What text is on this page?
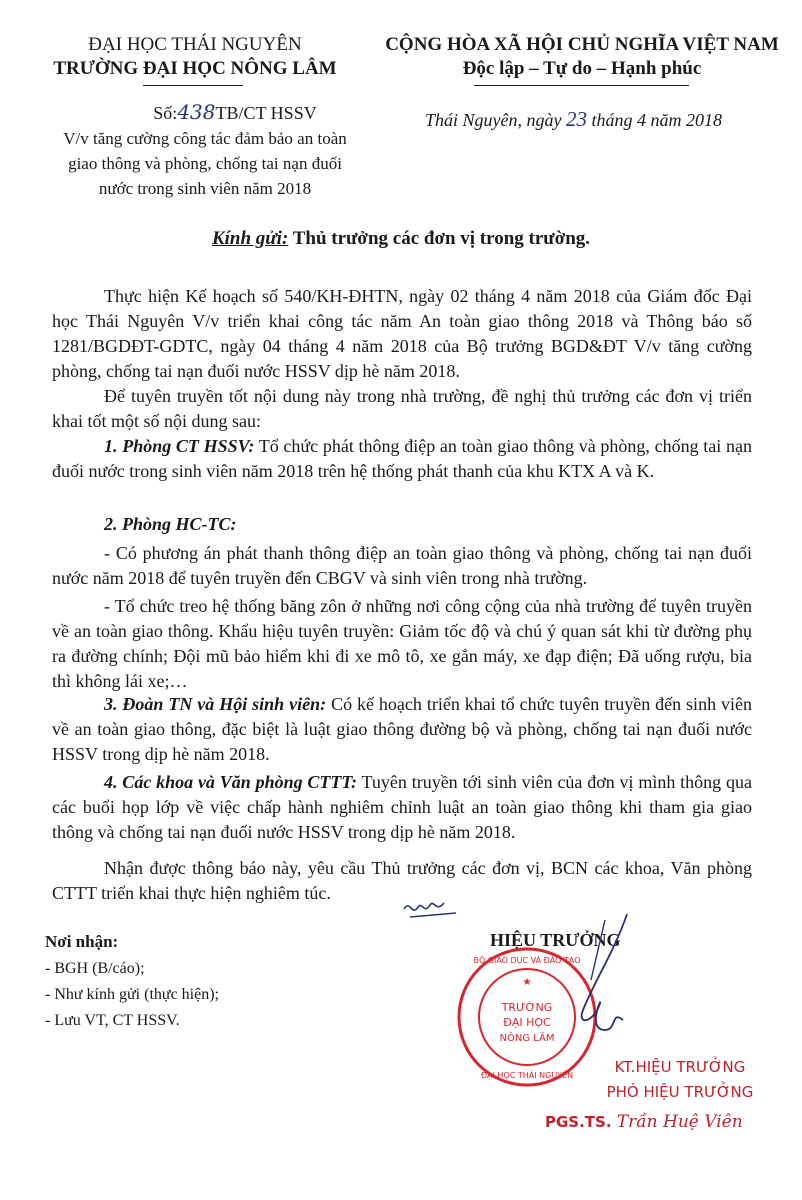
ĐẠI HỌC THÁI NGUYÊN
TRƯỜNG ĐẠI HỌC NÔNG LÂM
CỘNG HÒA XÃ HỘI CHỦ NGHĨA VIỆT NAM
Độc lập – Tự do – Hạnh phúc
Số:438TB/CT HSSV
V/v tăng cường công tác đảm bảo an toàn giao thông và phòng, chống tai nạn đuối nước trong sinh viên năm 2018
Thái Nguyên, ngày 23 tháng 4 năm 2018
Kính gửi: Thủ trưởng các đơn vị trong trường.
Thực hiện Kế hoạch số 540/KH-ĐHTN, ngày 02 tháng 4 năm 2018 của Giám đốc Đại học Thái Nguyên V/v triển khai công tác năm An toàn giao thông 2018 và Thông báo số 1281/BGDĐT-GDTC, ngày 04 tháng 4 năm 2018 của Bộ trưởng BGD&ĐT V/v tăng cường phòng, chống tai nạn đuối nước HSSV dịp hè năm 2018.
Để tuyên truyền tốt nội dung này trong nhà trường, đề nghị thủ trưởng các đơn vị triển khai tốt một số nội dung sau:
1. Phòng CT HSSV: Tổ chức phát thông điệp an toàn giao thông và phòng, chống tai nạn đuối nước trong sinh viên năm 2018 trên hệ thống phát thanh của khu KTX A và K.
2. Phòng HC-TC:
- Có phương án phát thanh thông điệp an toàn giao thông và phòng, chống tai nạn đuối nước năm 2018 để tuyên truyền đến CBGV và sinh viên trong nhà trường.
- Tổ chức treo hệ thống băng zôn ở những nơi công cộng của nhà trường để tuyên truyền về an toàn giao thông. Khẩu hiệu tuyên truyền: Giảm tốc độ và chú ý quan sát khi từ đường phụ ra đường chính; Đội mũ bảo hiểm khi đi xe mô tô, xe gắn máy, xe đạp điện; Đã uống rượu, bia thì không lái xe;…
3. Đoàn TN và Hội sinh viên: Có kế hoạch triển khai tổ chức tuyên truyền đến sinh viên về an toàn giao thông, đặc biệt là luật giao thông đường bộ và phòng, chống tai nạn đuối nước HSSV trong dịp hè năm 2018.
4. Các khoa và Văn phòng CTTT: Tuyên truyền tới sinh viên của đơn vị mình thông qua các buổi họp lớp về việc chấp hành nghiêm chỉnh luật an toàn giao thông khi tham gia giao thông và chống tai nạn đuối nước HSSV trong dịp hè năm 2018.
Nhận được thông báo này, yêu cầu Thủ trưởng các đơn vị, BCN các khoa, Văn phòng CTTT triển khai thực hiện nghiêm túc.
Nơi nhận:
- BGH (B/cáo);
- Như kính gửi (thực hiện);
- Lưu VT, CT HSSV.
HIỆU TRƯỞNG
TRƯỜNG
ĐẠI HỌC
NÔNG LÂM
BỘ GIÁO DỤC VÀ ĐÀO TẠO
ĐẠI HỌC THÁI NGUYÊN
★
KT.HIỆU TRƯỞNG
PHÓ HIỆU TRƯỞNG
PGS.TS. Trần Huệ Viên
